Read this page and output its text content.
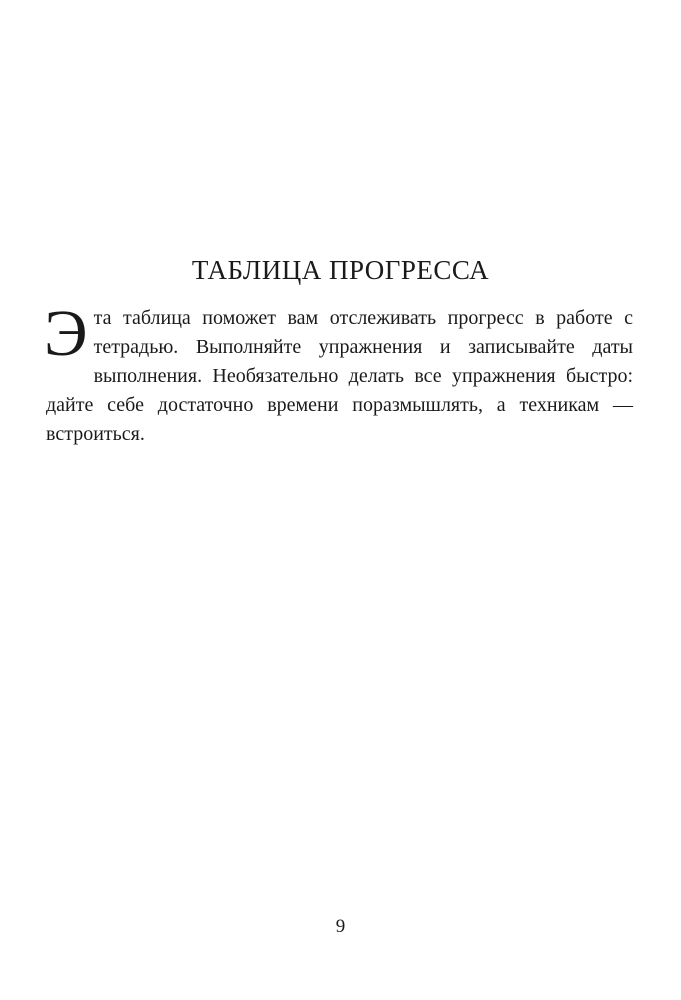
ТАБЛИЦА ПРОГРЕССА

Эта таблица поможет вам отслеживать прогресс в работе с тетрадью. Выполняйте упражнения и записывайте даты выполнения. Необязательно делать все упражнения быстро: дайте себе достаточно времени поразмышлять, а техникам — встроиться.

9
